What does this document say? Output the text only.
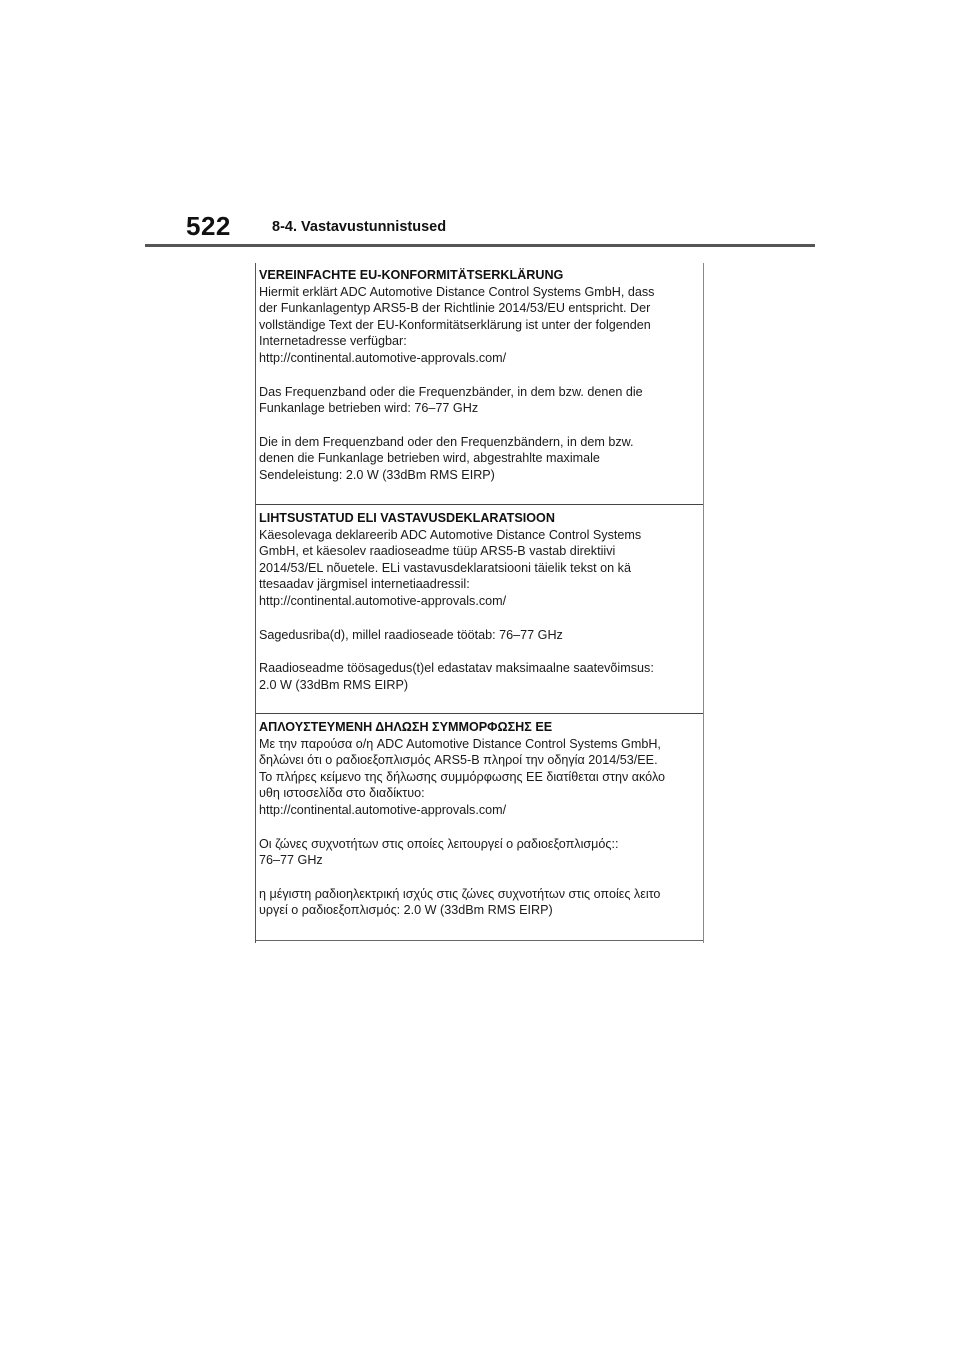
522	8-4. Vastavustunnistused

VEREINFACHTE EU-KONFORMITÄTSERKLÄRUNG

Hiermit erklärt ADC Automotive Distance Control Systems GmbH, dass
der Funkanlagentyp ARS5-B der Richtlinie 2014/53/EU entspricht. Der
vollständige Text der EU-Konformitätserklärung ist unter der folgenden
Internetadresse verfügbar:
http://continental.automotive-approvals.com/

Das Frequenzband oder die Frequenzbänder, in dem bzw. denen die
Funkanlage betrieben wird: 76–77 GHz

Die in dem Frequenzband oder den Frequenzbändern, in dem bzw.
denen die Funkanlage betrieben wird, abgestrahlte maximale
Sendeleistung: 2.0 W (33dBm RMS EIRP)

LIHTSUSTATUD ELI VASTAVUSDEKLARATSIOON

Käesolevaga deklareerib ADC Automotive Distance Control Systems
GmbH, et käesolev raadioseadme tüüp ARS5-B vastab direktiivi
2014/53/EL nõuetele. ELi vastavusdeklaratsiooni täielik tekst on kä
ttesaadav järgmisel internetiaadressil:
http://continental.automotive-approvals.com/

Sagedusriba(d), millel raadioseade töötab: 76–77 GHz

Raadioseadme töösagedus(t)el edastatav maksimaalne saatevõimsus:
2.0 W (33dBm RMS EIRP)

ΑΠΛΟΥΣΤΕΥΜΕΝΗ ΔΗΛΩΣΗ ΣΥΜΜΟΡΦΩΣΗΣ ΕΕ

Με την παρούσα ο/η ADC Automotive Distance Control Systems GmbH,
δηλώνει ότι ο ραδιοεξοπλισμός ARS5-B πληροί την οδηγία 2014/53/ΕΕ.
Το πλήρες κείμενο της δήλωσης συμμόρφωσης ΕΕ διατίθεται στην ακόλο
υθη ιστοσελίδα στο διαδίκτυο:
http://continental.automotive-approvals.com/

Οι ζώνες συχνοτήτων στις οποίες λειτουργεί ο ραδιοεξοπλισμός::
76–77 GHz

η μέγιστη ραδιοηλεκτρική ισχύς στις ζώνες συχνοτήτων στις οποίες λειτο
υργεί ο ραδιοεξοπλισμός: 2.0 W (33dBm RMS EIRP)
